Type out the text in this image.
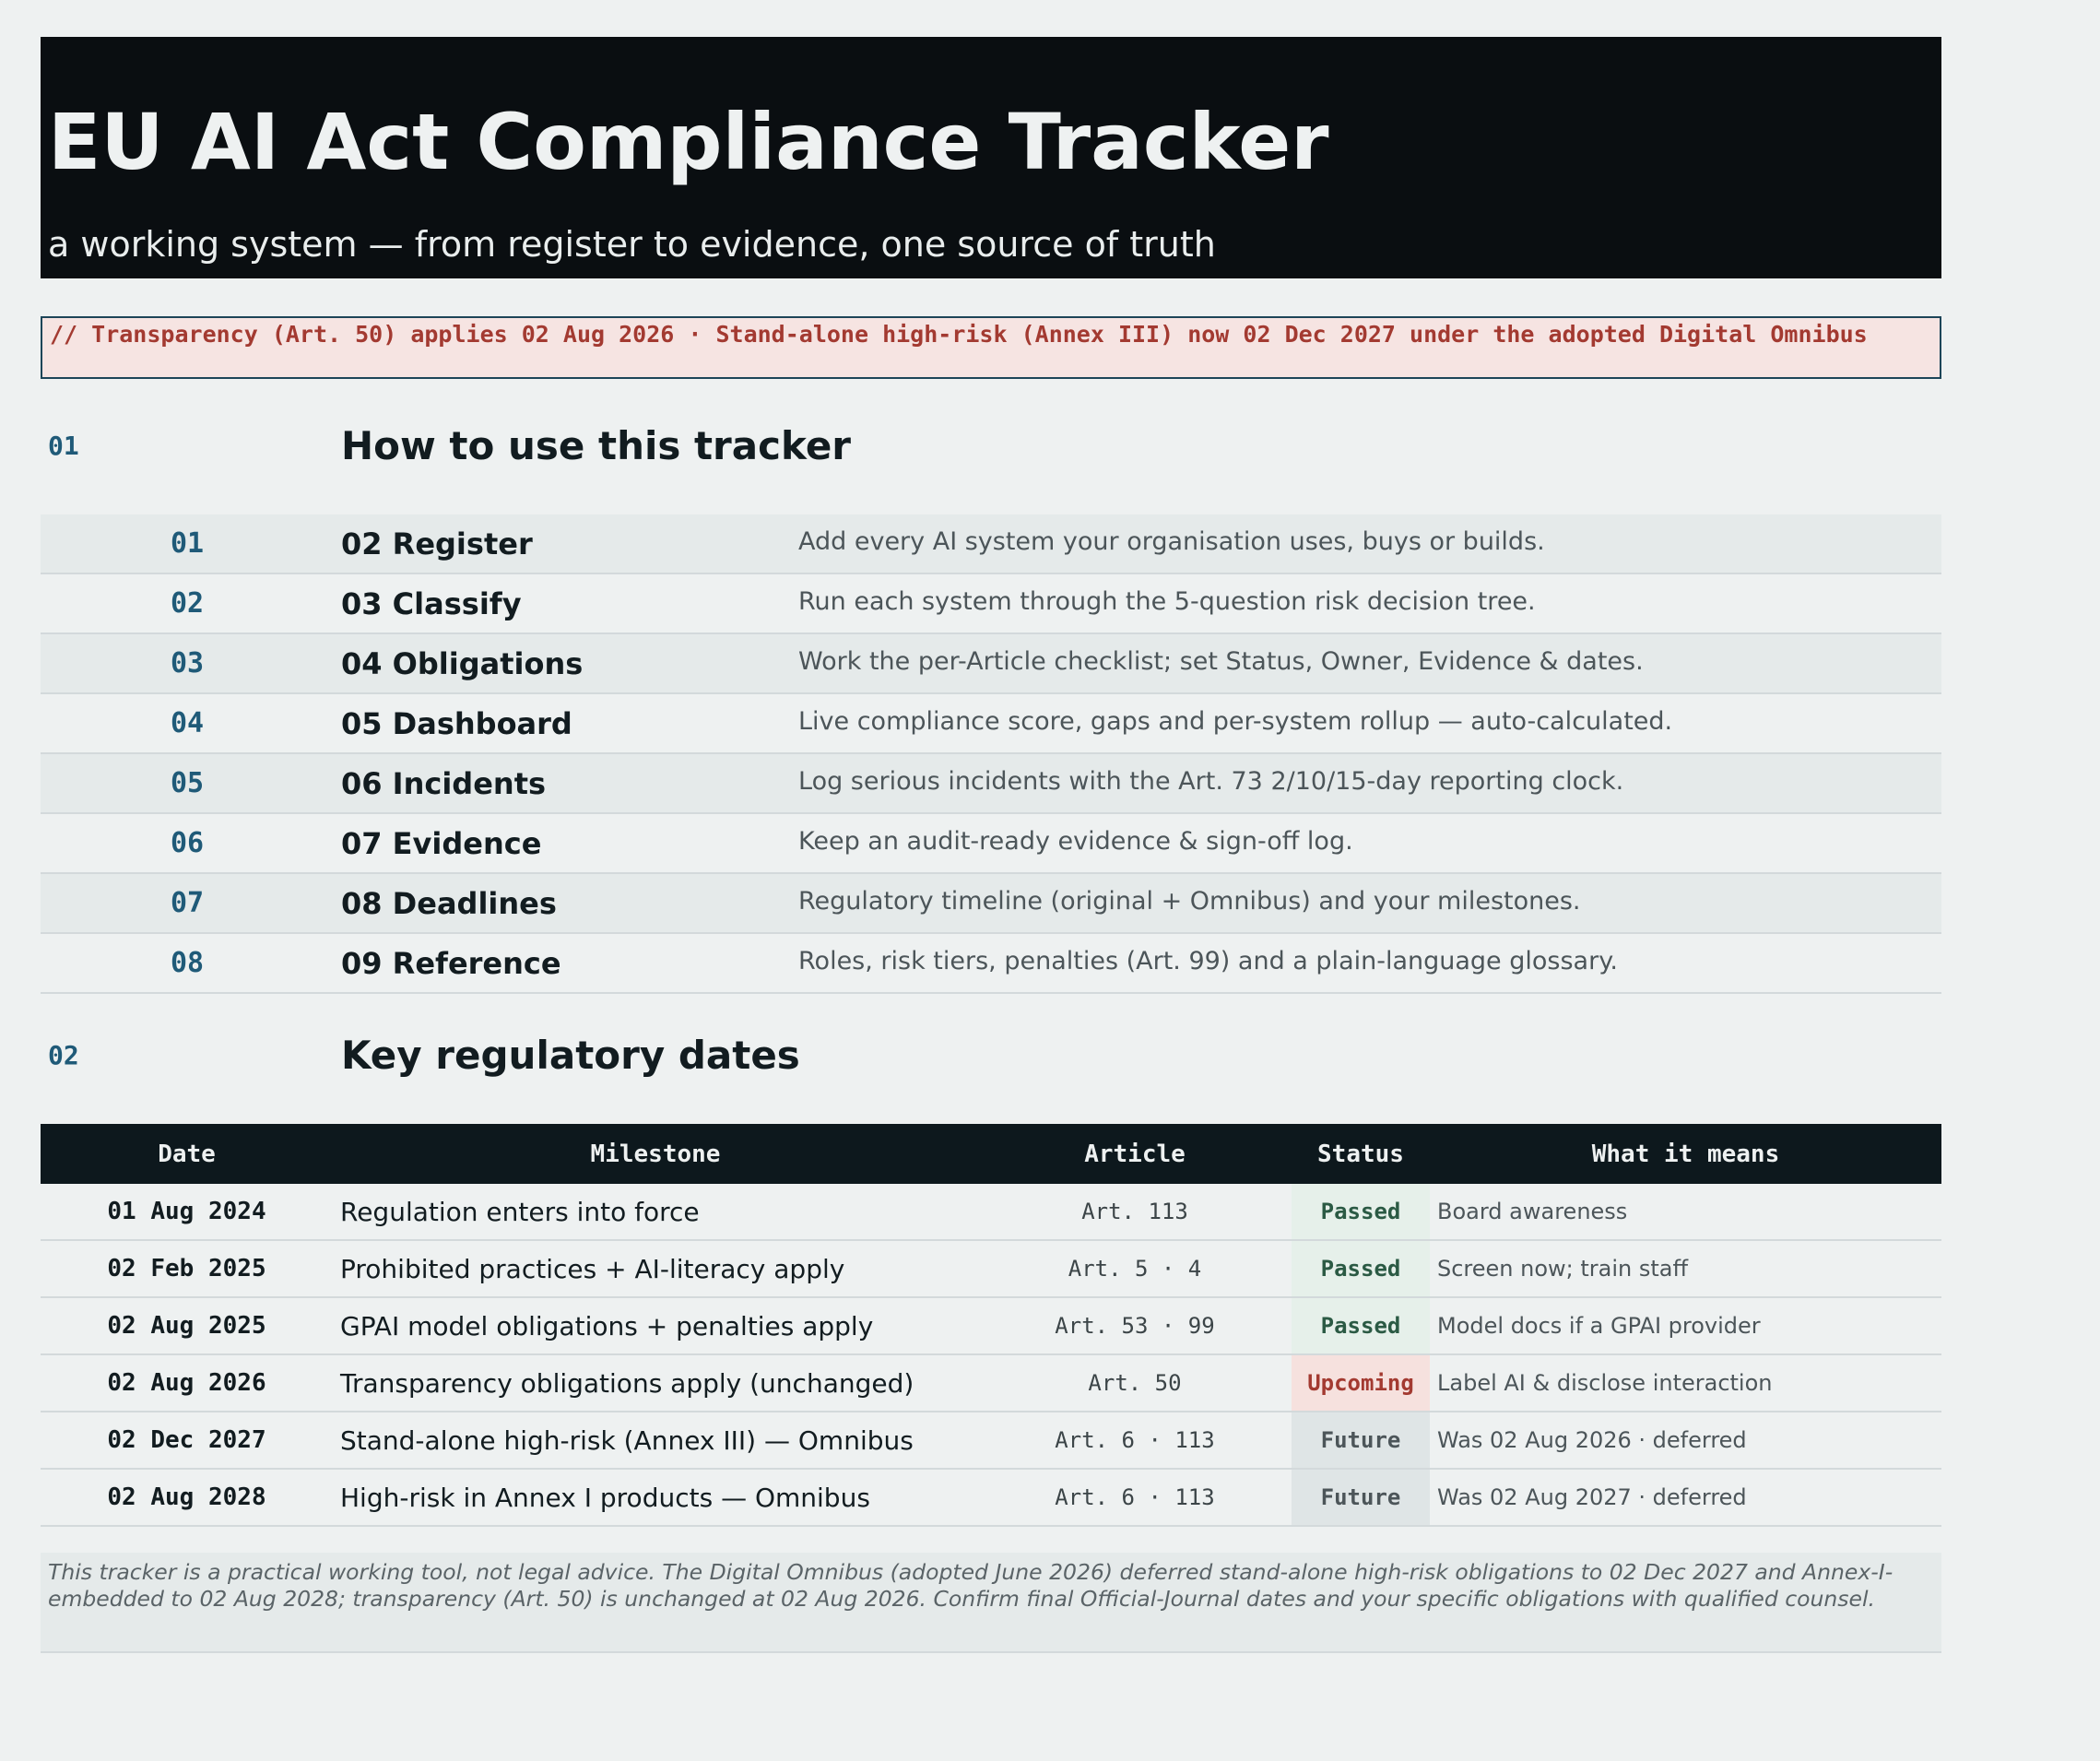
EU AI Act Compliance Tracker
a working system — from register to evidence, one source of truth
// Transparency (Art. 50) applies 02 Aug 2026 · Stand-alone high-risk (Annex III) now 02 Dec 2027 under the adopted Digital Omnibus
01	How to use this tracker
01	02 Register	Add every AI system your organisation uses, buys or builds.
02	03 Classify	Run each system through the 5-question risk decision tree.
03	04 Obligations	Work the per-Article checklist; set Status, Owner, Evidence & dates.
04	05 Dashboard	Live compliance score, gaps and per-system rollup — auto-calculated.
05	06 Incidents	Log serious incidents with the Art. 73 2/10/15-day reporting clock.
06	07 Evidence	Keep an audit-ready evidence & sign-off log.
07	08 Deadlines	Regulatory timeline (original + Omnibus) and your milestones.
08	09 Reference	Roles, risk tiers, penalties (Art. 99) and a plain-language glossary.
02	Key regulatory dates
Date	Milestone	Article	Status	What it means
01 Aug 2024	Regulation enters into force	Art. 113	Passed	Board awareness
02 Feb 2025	Prohibited practices + AI-literacy apply	Art. 5 · 4	Passed	Screen now; train staff
02 Aug 2025	GPAI model obligations + penalties apply	Art. 53 · 99	Passed	Model docs if a GPAI provider
02 Aug 2026	Transparency obligations apply (unchanged)	Art. 50	Upcoming	Label AI & disclose interaction
02 Dec 2027	Stand-alone high-risk (Annex III) — Omnibus	Art. 6 · 113	Future	Was 02 Aug 2026 · deferred
02 Aug 2028	High-risk in Annex I products — Omnibus	Art. 6 · 113	Future	Was 02 Aug 2027 · deferred
This tracker is a practical working tool, not legal advice. The Digital Omnibus (adopted June 2026) deferred stand-alone high-risk obligations to 02 Dec 2027 and Annex-I-embedded to 02 Aug 2028; transparency (Art. 50) is unchanged at 02 Aug 2026. Confirm final Official-Journal dates and your specific obligations with qualified counsel.
